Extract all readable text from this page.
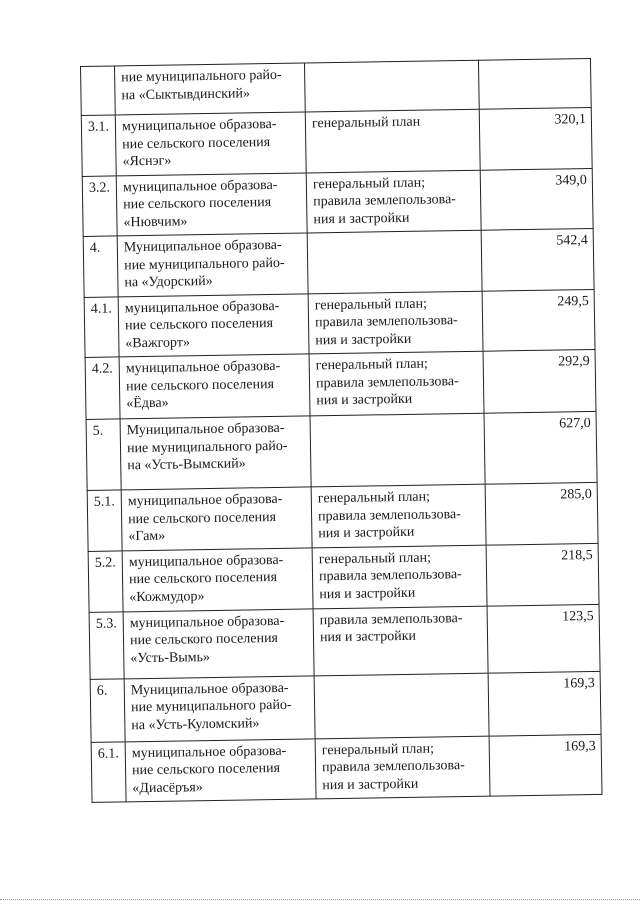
	ние муниципального райо-
на «Сыктывдинский»		

3.1.	муниципальное образова-
ние сельского поселения
«Яснэг»	генеральный план	320,1
3.2.	муниципальное образова-
ние сельского поселения
«Нювчим»	генеральный план;
правила землепользова-
ния и застройки	349,0
4.	Муниципальное образова-
ние муниципального райо-
на «Удорский»		542,4
4.1.	муниципальное образова-
ние сельского поселения
«Важгорт»	генеральный план;
правила землепользова-
ния и застройки	249,5
4.2.	муниципальное образова-
ние сельского поселения
«Ёдва»	генеральный план;
правила землепользова-
ния и застройки	292,9
5.	Муниципальное образова-
ние муниципального райо-
на «Усть-Вымский»		627,0
5.1.	муниципальное образова-
ние сельского поселения
«Гам»	генеральный план;
правила землепользова-
ния и застройки	285,0
5.2.	муниципальное образова-
ние сельского поселения
«Кожмудор»	генеральный план;
правила землепользова-
ния и застройки	218,5
5.3.	муниципальное образова-
ние сельского поселения
«Усть-Вымь»	правила землепользова-
ния и застройки	123,5
6.	Муниципальное образова-
ние муниципального райо-
на «Усть-Куломский»		169,3
6.1.	муниципальное образова-
ние сельского поселения
«Диасёръя»	генеральный план;
правила землепользова-
ния и застройки	169,3
